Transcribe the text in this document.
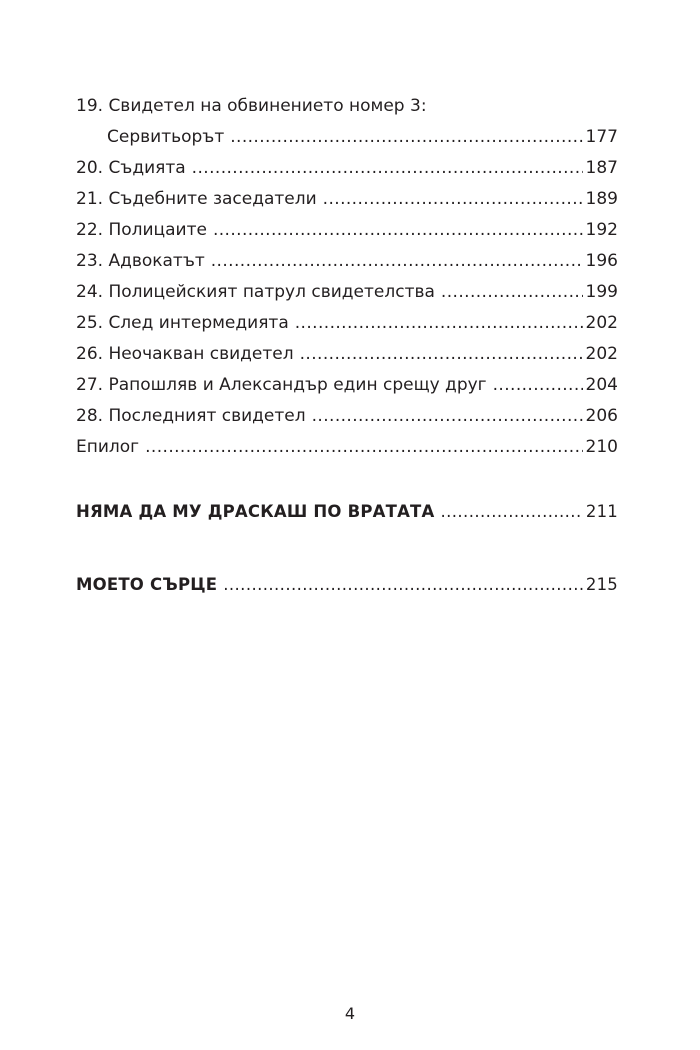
19. Свидетел на обвинението номер 3:
Сервитьорът .....	177
20. Съдията .....	187
21. Съдебните заседатели .....	189
22. Полицаите .....	192
23. Адвокатът .....	196
24. Полицейският патрул свидетелства .....	199
25. След интермедията .....	202
26. Неочакван свидетел .....	202
27. Рапошляв и Александър един срещу друг .....	204
28. Последният свидетел .....	206
Епилог .....	210
НЯМА ДА МУ ДРАСКАШ ПО ВРАТАТА .....	211
МОЕТО СЪРЦЕ .....	215
4
